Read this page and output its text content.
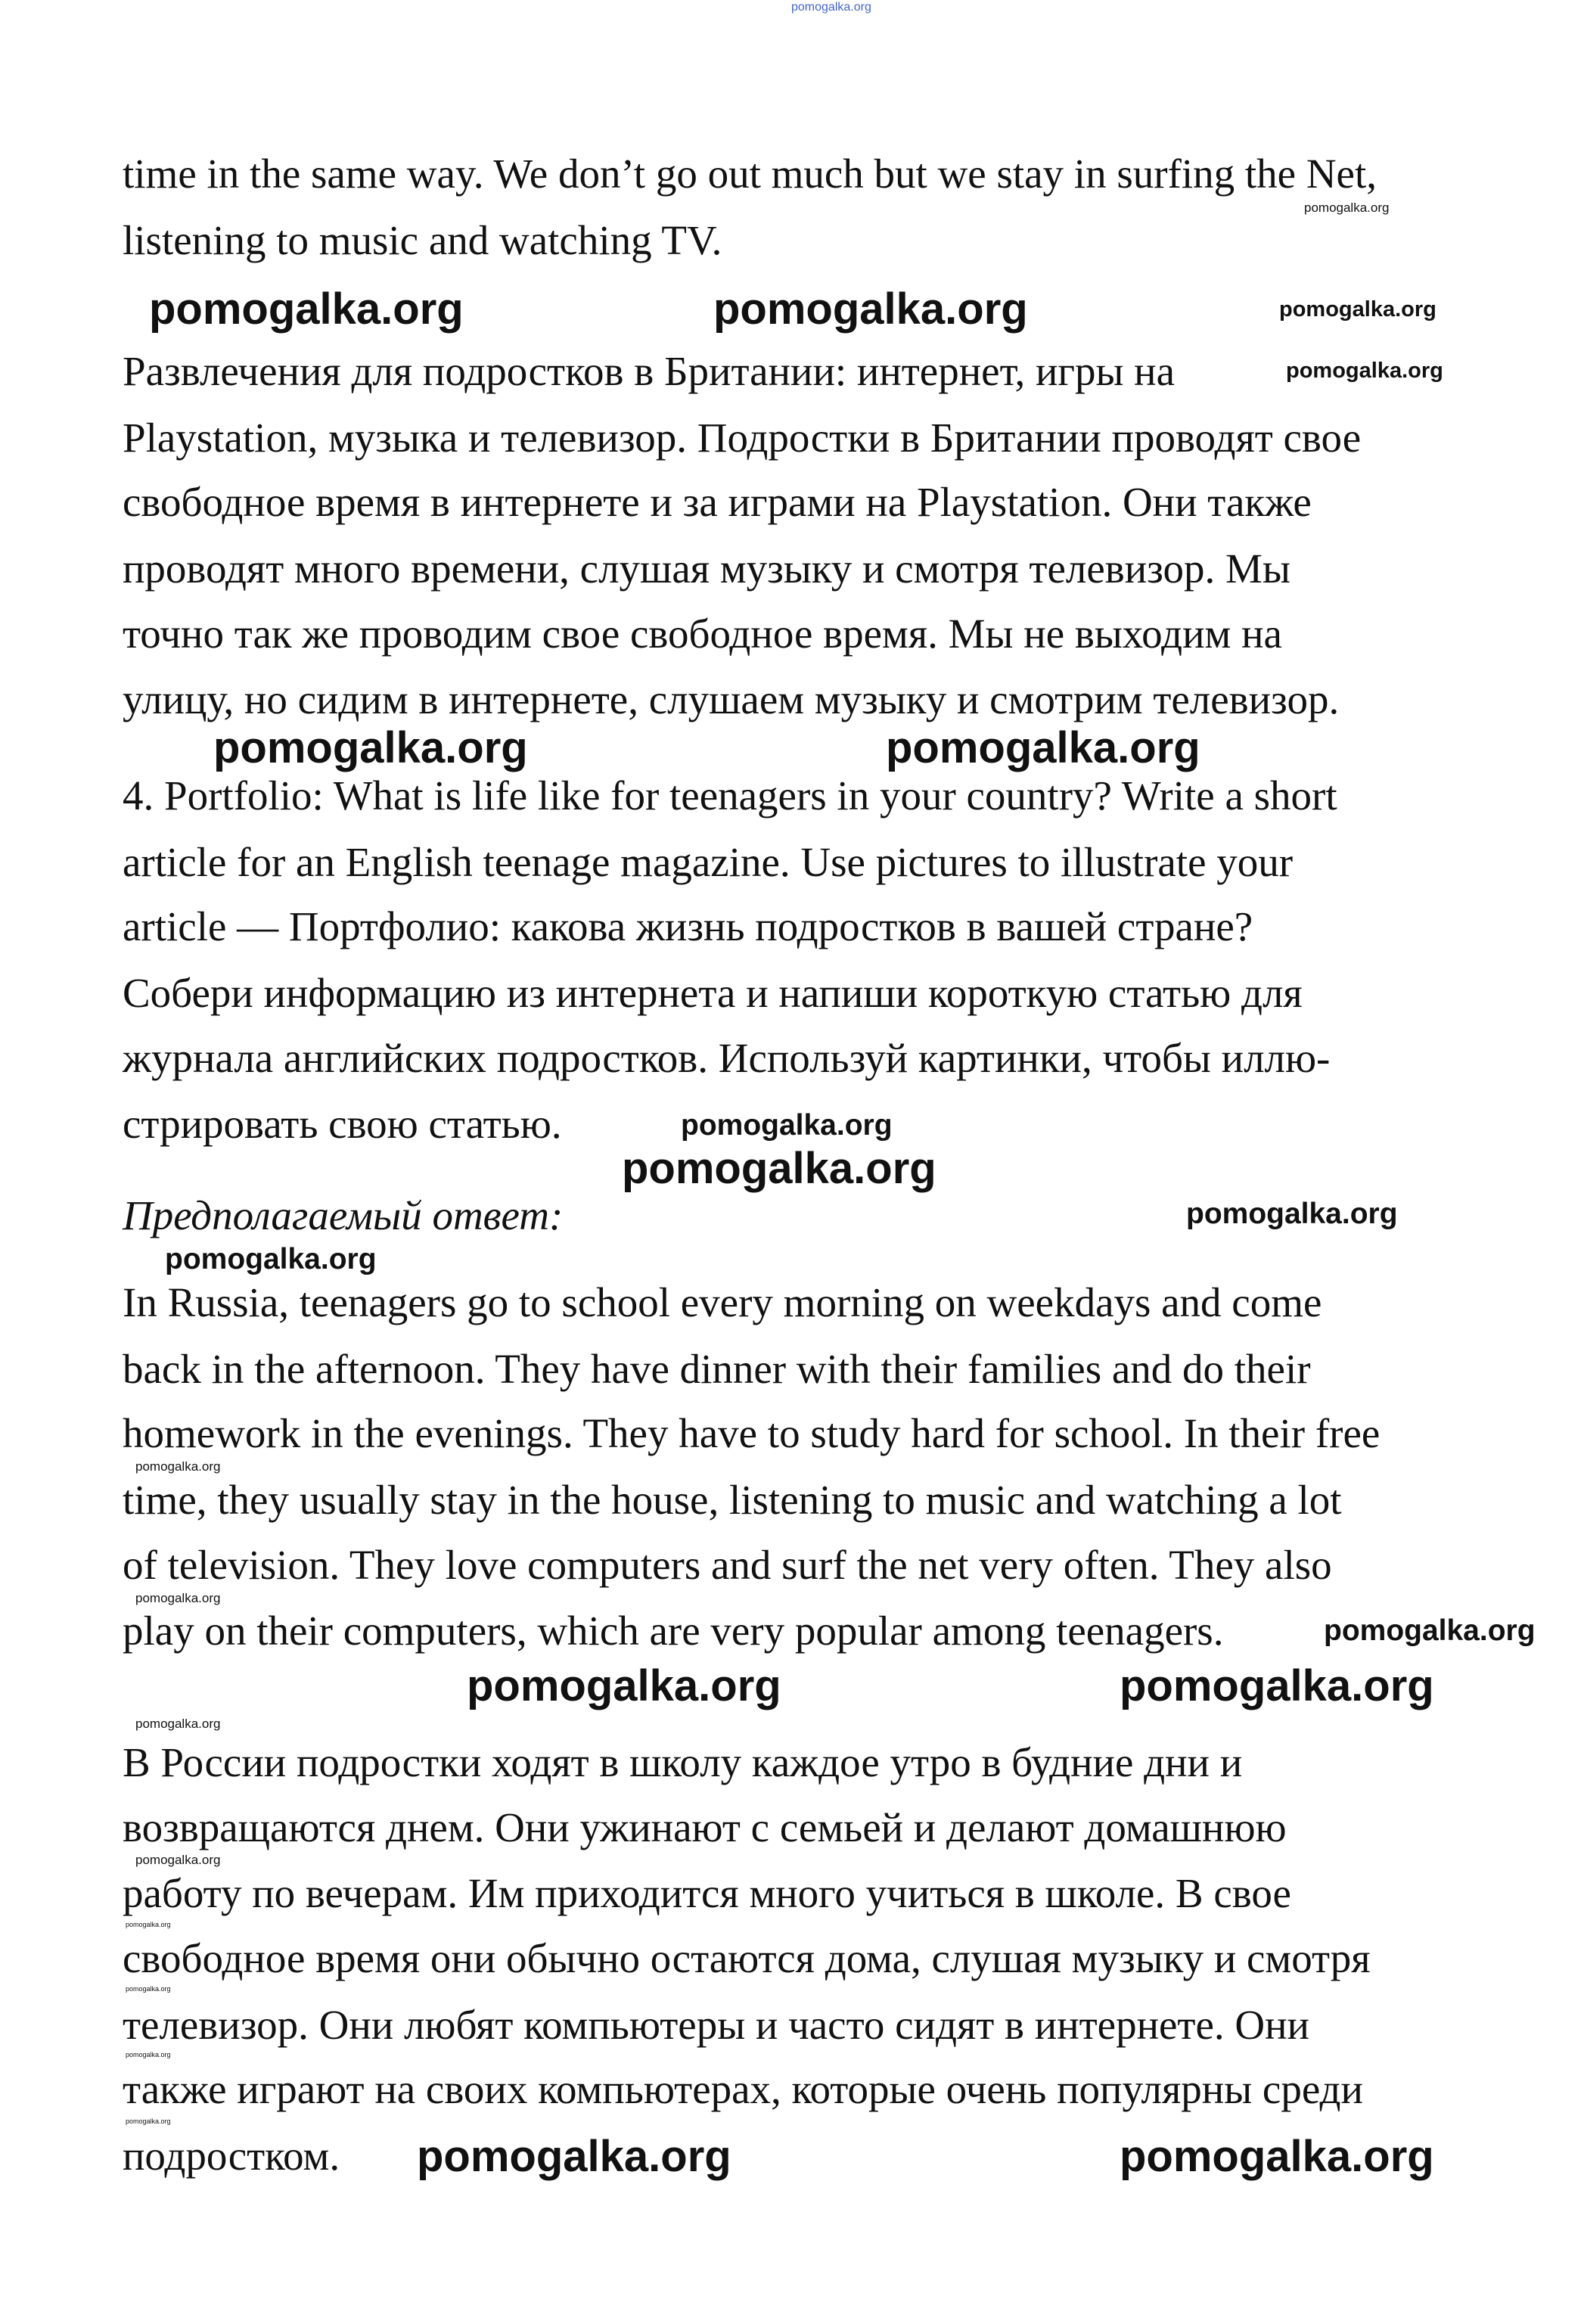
time in the same way. We don’t go out much but we stay in surfing the Net,
listening to music and watching TV.
Развлечения для подростков в Британии: интернет, игры на
Playstation, музыка и телевизор. Подростки в Британии проводят свое
свободное время в интернете и за играми на Playstation. Они также
проводят много времени, слушая музыку и смотря телевизор. Мы
точно так же проводим свое свободное время. Мы не выходим на
улицу, но сидим в интернете, слушаем музыку и смотрим телевизор.
4. Portfolio: What is life like for teenagers in your country? Write a short
article for an English teenage magazine. Use pictures to illustrate your
article — Портфолио: какова жизнь подростков в вашей стране?
Собери информацию из интернета и напиши короткую статью для
журнала английских подростков. Используй картинки, чтобы иллю-
стрировать свою статью.
Предполагаемый ответ:
In Russia, teenagers go to school every morning on weekdays and come
back in the afternoon. They have dinner with their families and do their
homework in the evenings. They have to study hard for school. In their free
time, they usually stay in the house, listening to music and watching a lot
of television. They love computers and surf the net very often. They also
play on their computers, which are very popular among teenagers.
В России подростки ходят в школу каждое утро в будние дни и
возвращаются днем. Они ужинают с семьей и делают домашнюю
работу по вечерам. Им приходится много учиться в школе. В свое
свободное время они обычно остаются дома, слушая музыку и смотря
телевизор. Они любят компьютеры и часто сидят в интернете. Они
также играют на своих компьютерах, которые очень популярны среди
подростком.
pomogalka.org
pomogalka.org
pomogalka.org	pomogalka.org	pomogalka.org
pomogalka.org
pomogalka.org	pomogalka.org
pomogalka.org
pomogalka.org
pomogalka.org
pomogalka.org
pomogalka.org
pomogalka.org
pomogalka.org
pomogalka.org	pomogalka.org
pomogalka.org
pomogalka.org
pomogalka.org
pomogalka.org
pomogalka.org
pomogalka.org
pomogalka.org	pomogalka.org
